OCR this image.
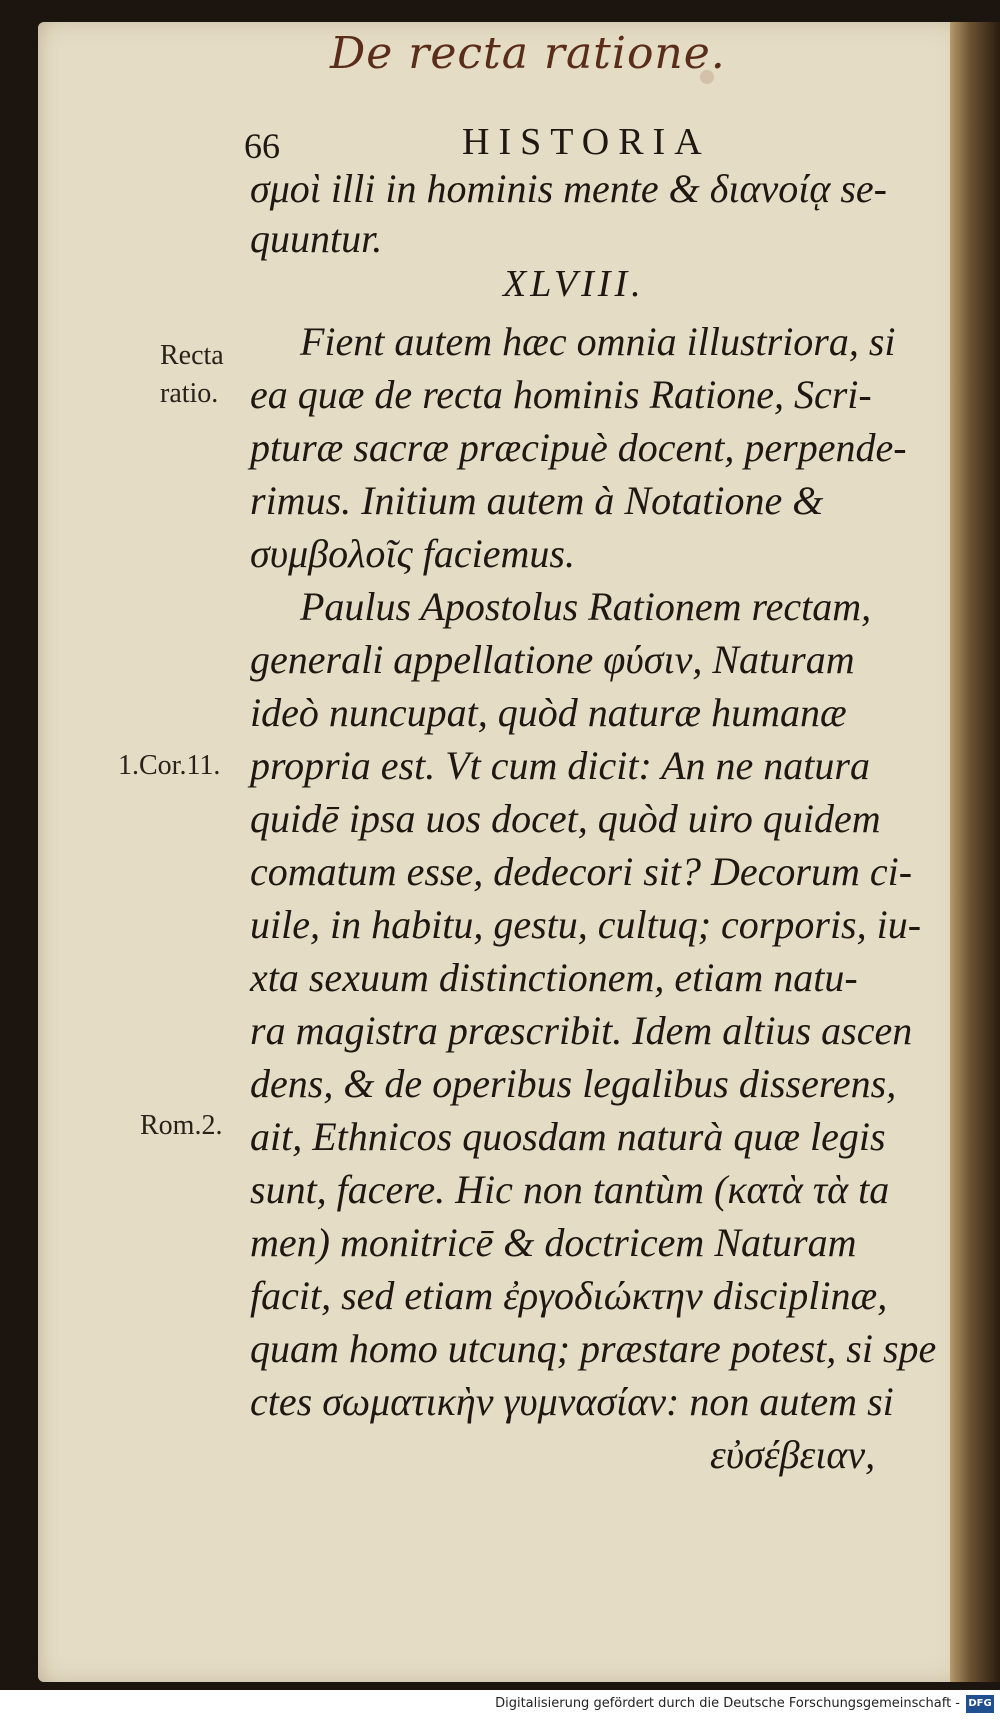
De recta ratione.
66	HISTORIA
σμοὶ illi in hominis mente & διανοίᾳ se-
quuntur.
XLVIII.
Fient autem hæc omnia illustriora, si
ea quæ de recta hominis Ratione, Scri-
pturæ sacræ præcipuè docent, perpende-
rimus. Initium autem à Notatione &
συμβολοῖς faciemus.
Paulus Apostolus Rationem rectam,
generali appellatione φύσιν, Naturam
ideò nuncupat, quòd naturæ humanæ
propria est. Vt cum dicit: An ne natura
quidē ipsa uos docet, quòd uiro quidem
comatum esse, dedecori sit? Decorum ci-
uile, in habitu, gestu, cultuq; corporis, iu-
xta sexuum distinctionem, etiam natu-
ra magistra præscribit. Idem altius ascen
dens, & de operibus legalibus disserens,
ait, Ethnicos quosdam naturà quæ legis
sunt, facere. Hic non tantùm (κατὰ τὰ ta
men) monitricē & doctricem Naturam
facit, sed etiam ἐργοδιώκτην disciplinæ,
quam homo utcunq; præstare potest, si spe
ctes σωματικὴν γυμνασίαν: non autem si
εὐσέβειαν,
Recta
ratio.
1.Cor.11.
Rom.2.
Digitalisierung gefördert durch die Deutsche Forschungsgemeinschaft - DFG
